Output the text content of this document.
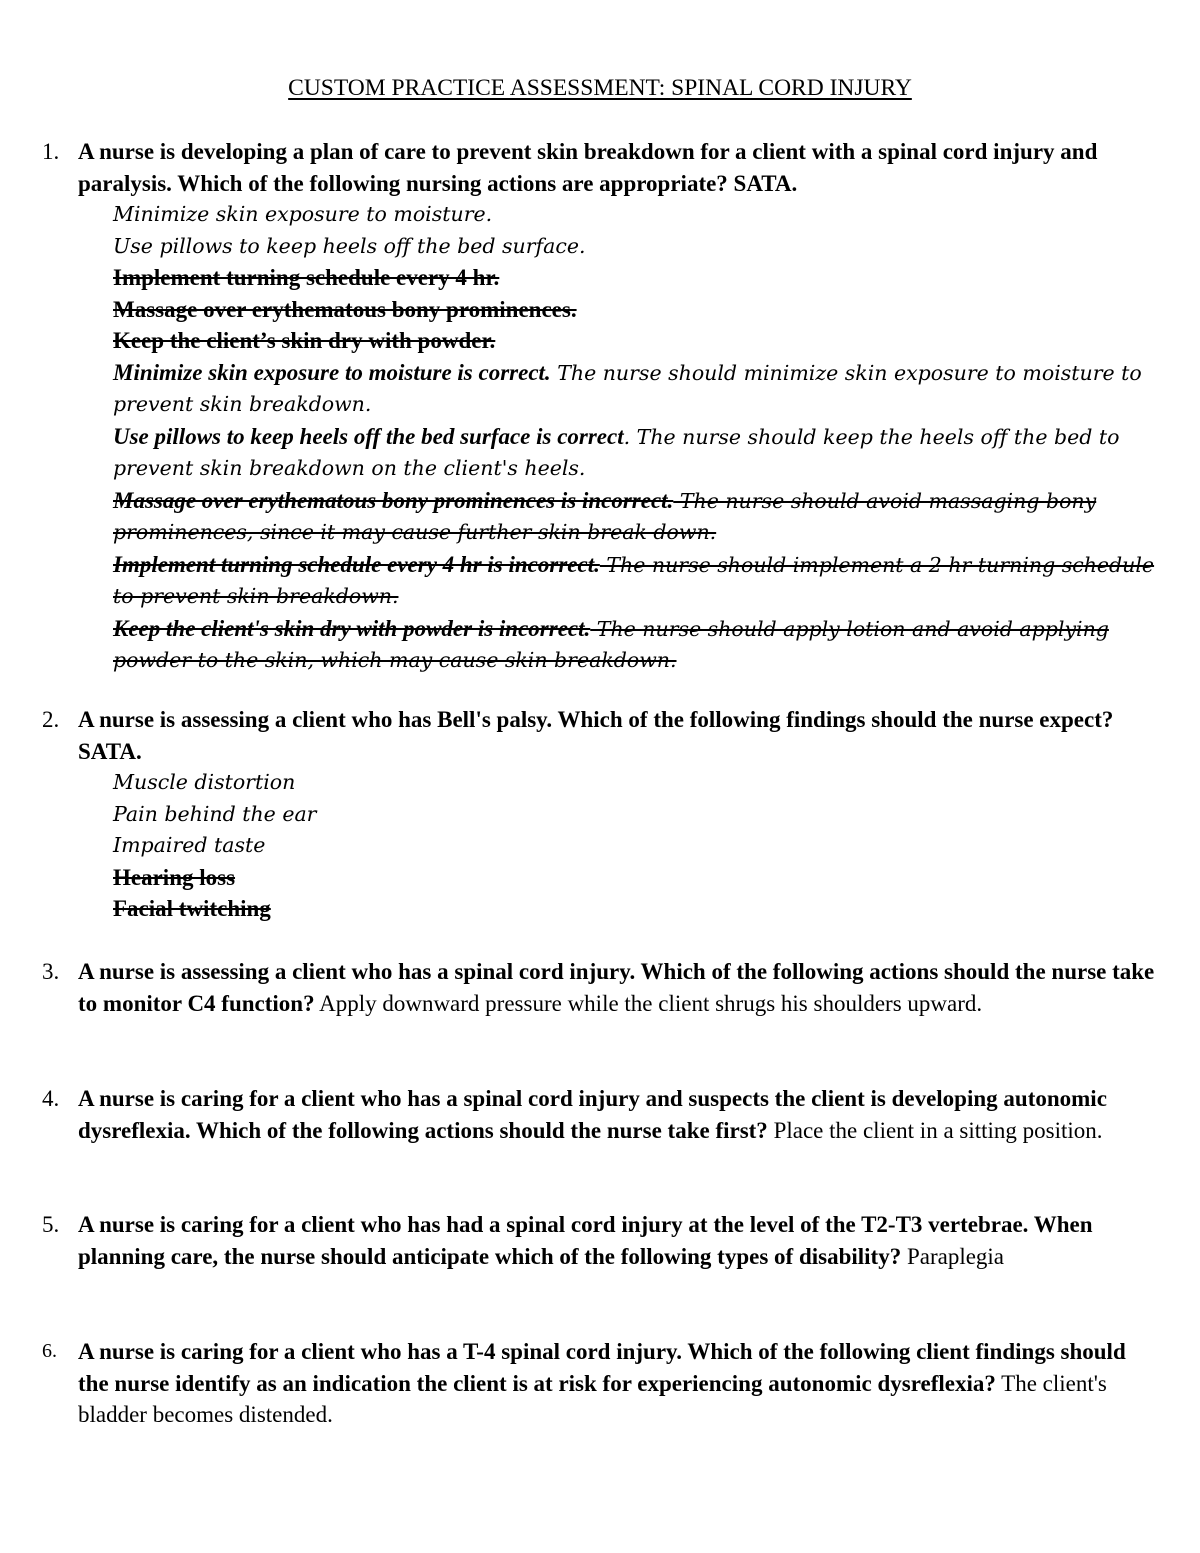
CUSTOM PRACTICE ASSESSMENT: SPINAL CORD INJURY
1. A nurse is developing a plan of care to prevent skin breakdown for a client with a spinal cord injury and paralysis. Which of the following nursing actions are appropriate? SATA.
Minimize skin exposure to moisture.
Use pillows to keep heels off the bed surface.
Implement turning schedule every 4 hr.
Massage over erythematous bony prominences.
Keep the client’s skin dry with powder.
Minimize skin exposure to moisture is correct. The nurse should minimize skin exposure to moisture to prevent skin breakdown.
Use pillows to keep heels off the bed surface is correct. The nurse should keep the heels off the bed to prevent skin breakdown on the client's heels.
Massage over erythematous bony prominences is incorrect. The nurse should avoid massaging bony prominences, since it may cause further skin break down.
Implement turning schedule every 4 hr is incorrect. The nurse should implement a 2 hr turning schedule to prevent skin breakdown.
Keep the client's skin dry with powder is incorrect. The nurse should apply lotion and avoid applying powder to the skin, which may cause skin breakdown.
2. A nurse is assessing a client who has Bell's palsy. Which of the following findings should the nurse expect? SATA.
Muscle distortion
Pain behind the ear
Impaired taste
Hearing loss
Facial twitching
3. A nurse is assessing a client who has a spinal cord injury. Which of the following actions should the nurse take to monitor C4 function? Apply downward pressure while the client shrugs his shoulders upward.
4. A nurse is caring for a client who has a spinal cord injury and suspects the client is developing autonomic dysreflexia. Which of the following actions should the nurse take first? Place the client in a sitting position.
5. A nurse is caring for a client who has had a spinal cord injury at the level of the T2-T3 vertebrae. When planning care, the nurse should anticipate which of the following types of disability? Paraplegia
6. A nurse is caring for a client who has a T-4 spinal cord injury. Which of the following client findings should the nurse identify as an indication the client is at risk for experiencing autonomic dysreflexia? The client's bladder becomes distended.
